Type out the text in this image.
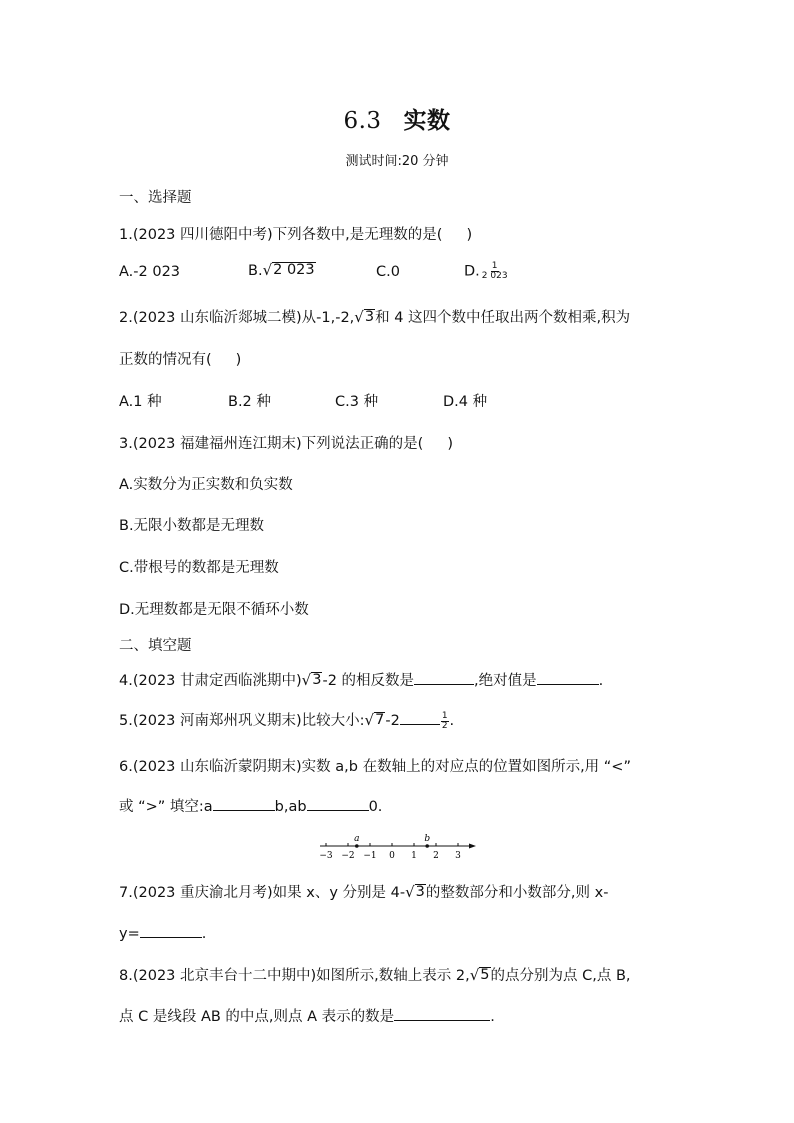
6.3 实数
测试时间:20 分钟
一、选择题
1.(2023 四川德阳中考)下列各数中,是无理数的是( )
A.-2 023	B. √ 2 023	C.0	D. $\frac{1}{2 023}$
2.(2023 山东临沂郯城二模)从-1,-2, √ 3 和 4 这四个数中任取出两个数相乘,积为
正数的情况有( )
A.1 种	B.2 种	C.3 种	D.4 种
3.(2023 福建福州连江期末)下列说法正确的是( )
A.实数分为正实数和负实数
B.无限小数都是无理数
C.带根号的数都是无理数
D.无理数都是无限不循环小数
二、填空题
4.(2023 甘肃定西临洮期中) √ 3 -2 的相反数是	,绝对值是	.
5.(2023 河南郑州巩义期末)比较大小: √ 7 -2	$\frac{1}{2}$ .
6.(2023 山东临沂蒙阴期末)实数 a,b 在数轴上的对应点的位置如图所示,用 “<”
或 “>” 填空:a	b,ab	0.
−3 −2 −1 0 1 2 3
a	b
7.(2023 重庆渝北月考)如果 x、y 分别是 4- √ 3 的整数部分和小数部分,则 x-
y=	.
8.(2023 北京丰台十二中期中)如图所示,数轴上表示 2, √ 5 的点分别为点 C,点 B,
点 C 是线段 AB 的中点,则点 A 表示的数是	.
